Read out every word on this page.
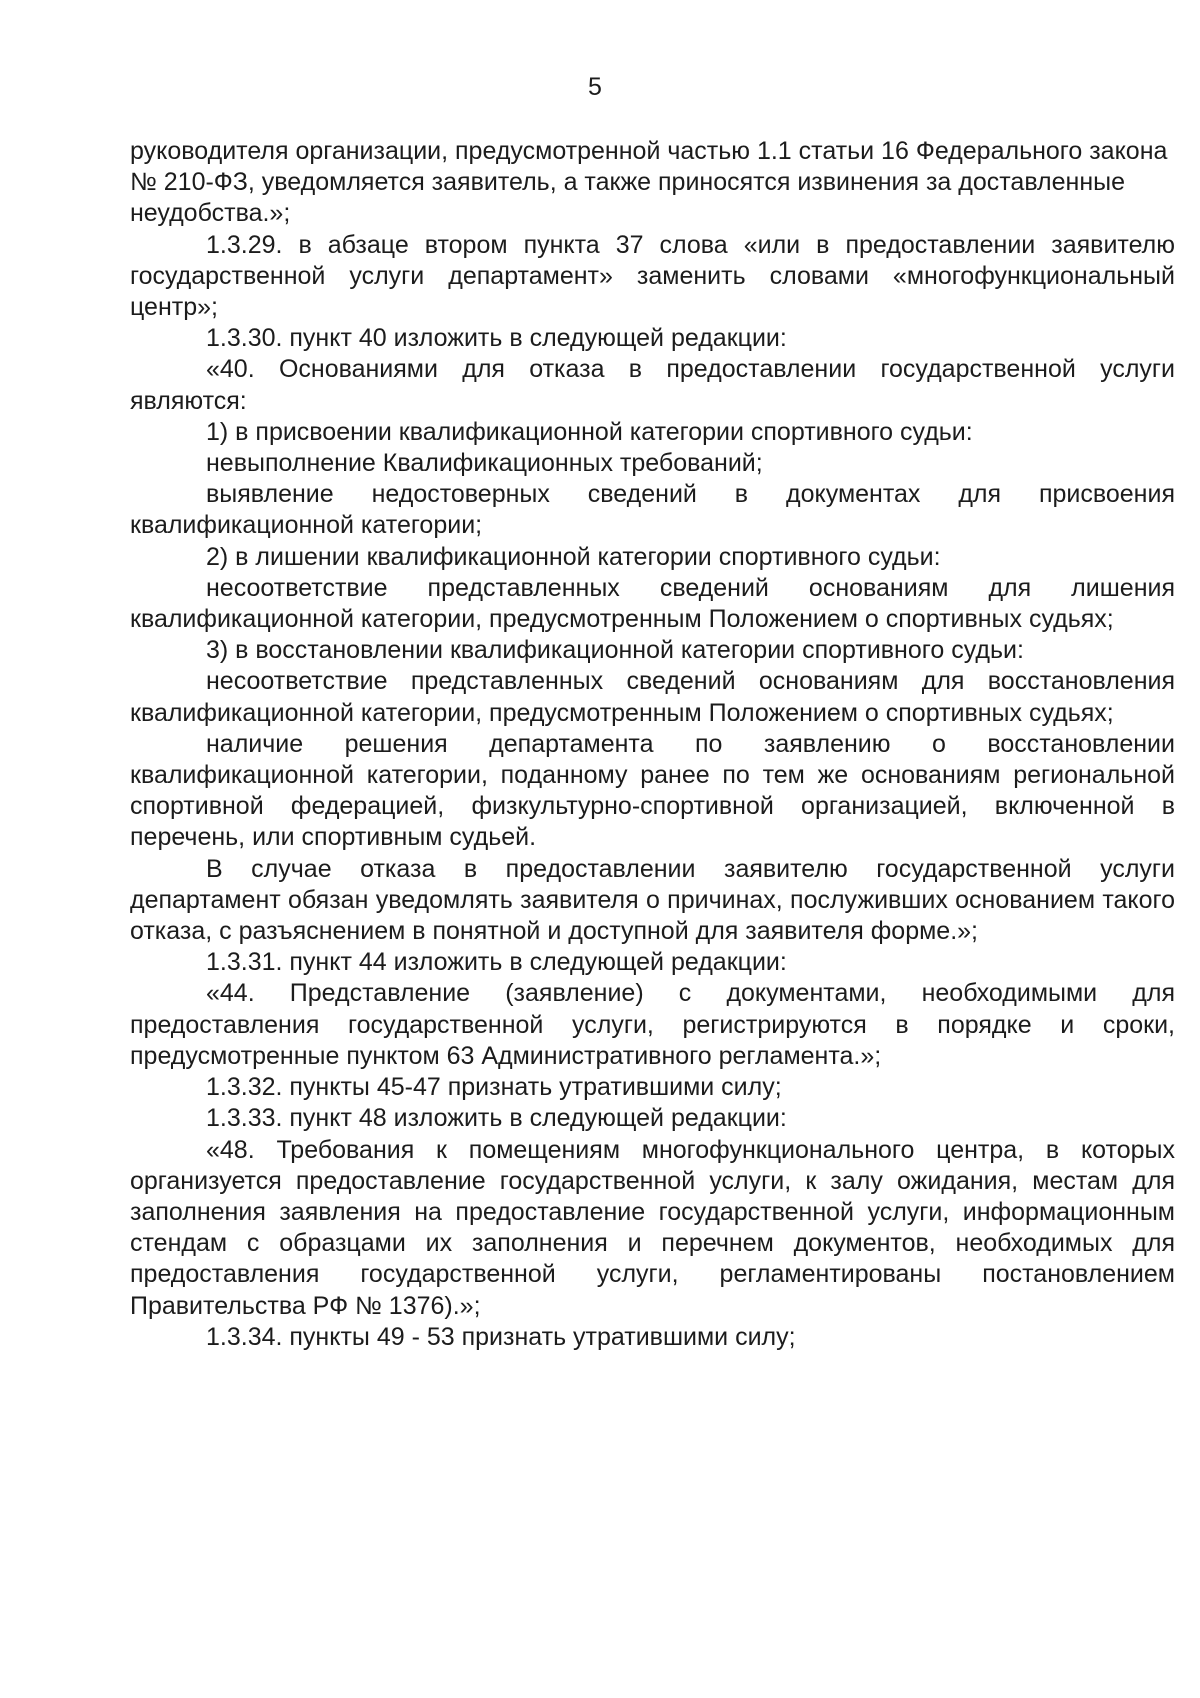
5

руководителя организации, предусмотренной частью 1.1 статьи 16 Федерального закона № 210-ФЗ, уведомляется заявитель, а также приносятся извинения за доставленные неудобства.»;

1.3.29. в абзаце втором пункта 37 слова «или в предоставлении заявителю государственной услуги департамент» заменить словами «многофункциональный центр»;

1.3.30. пункт 40 изложить в следующей редакции:

«40. Основаниями для отказа в предоставлении государственной услуги являются:

1) в присвоении квалификационной категории спортивного судьи:

невыполнение Квалификационных требований;

выявление недостоверных сведений в документах для присвоения квалификационной категории;

2) в лишении квалификационной категории спортивного судьи:

несоответствие представленных сведений основаниям для лишения квалификационной категории, предусмотренным Положением о спортивных судьях;

3) в восстановлении квалификационной категории спортивного судьи:

несоответствие представленных сведений основаниям для восстановления квалификационной категории, предусмотренным Положением о спортивных судьях;

наличие решения департамента по заявлению о восстановлении квалификационной категории, поданному ранее по тем же основаниям региональной спортивной федерацией, физкультурно-спортивной организацией, включенной в перечень, или спортивным судьей.

В случае отказа в предоставлении заявителю государственной услуги департамент обязан уведомлять заявителя о причинах, послуживших основанием такого отказа, с разъяснением в понятной и доступной для заявителя форме.»;

1.3.31. пункт 44 изложить в следующей редакции:

«44. Представление (заявление) с документами, необходимыми для предоставления государственной услуги, регистрируются в порядке и сроки, предусмотренные пунктом 63 Административного регламента.»;

1.3.32. пункты 45-47 признать утратившими силу;

1.3.33. пункт 48 изложить в следующей редакции:

«48. Требования к помещениям многофункционального центра, в которых организуется предоставление государственной услуги, к залу ожидания, местам для заполнения заявления на предоставление государственной услуги, информационным стендам с образцами их заполнения и перечнем документов, необходимых для предоставления государственной услуги, регламентированы постановлением Правительства РФ № 1376).»;

1.3.34. пункты 49 - 53 признать утратившими силу;
